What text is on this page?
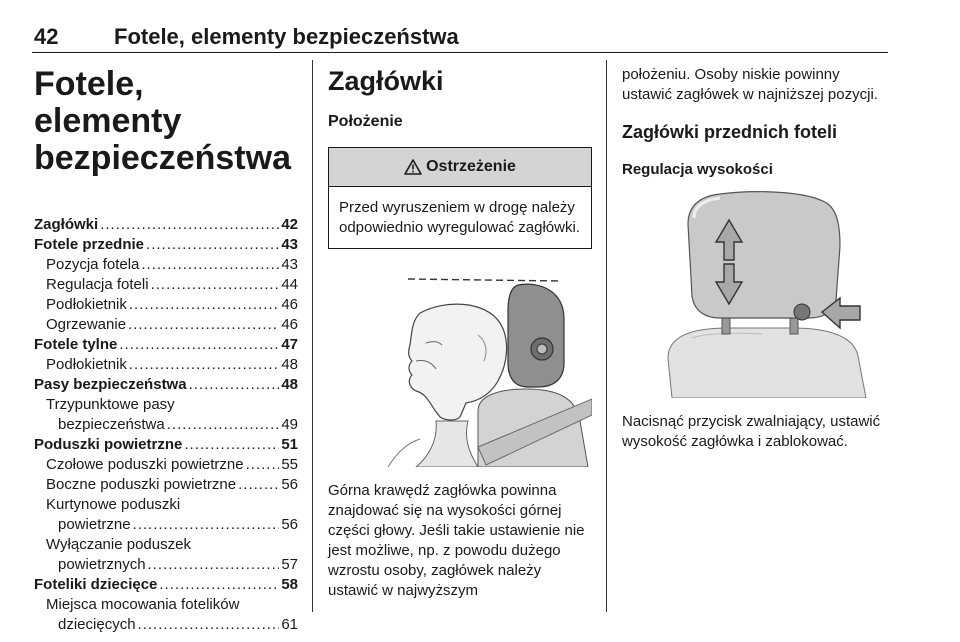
42	Fotele, elementy bezpieczeństwa
Fotele, elementy
bezpieczeństwa
Zagłówki .....	42
Fotele przednie .....	43
Pozycja fotela .....	43
Regulacja foteli .....	44
Podłokietnik .....	46
Ogrzewanie .....	46
Fotele tylne .....	47
Podłokietnik .....	48
Pasy bezpieczeństwa .....	48
Trzypunktowe pasy
bezpieczeństwa .....	49
Poduszki powietrzne .....	51
Czołowe poduszki powietrzne .....	55
Boczne poduszki powietrzne .....	56
Kurtynowe poduszki
powietrzne .....	56
Wyłączanie poduszek
powietrznych .....	57
Foteliki dziecięce .....	58
Miejsca mocowania fotelików
dziecięcych .....	61
Zagłówki
Położenie
Ostrzeżenie
Przed wyruszeniem w drogę należy odpowiednio wyregulować zagłówki.
Górna krawędź zagłówka powinna znajdować się na wysokości górnej części głowy. Jeśli takie ustawienie nie jest możliwe, np. z powodu dużego wzrostu osoby, zagłówek należy ustawić w najwyższym
położeniu. Osoby niskie powinny ustawić zagłówek w najniższej pozycji.
Zagłówki przednich foteli
Regulacja wysokości
Nacisnąć przycisk zwalniający, ustawić wysokość zagłówka i zablokować.
